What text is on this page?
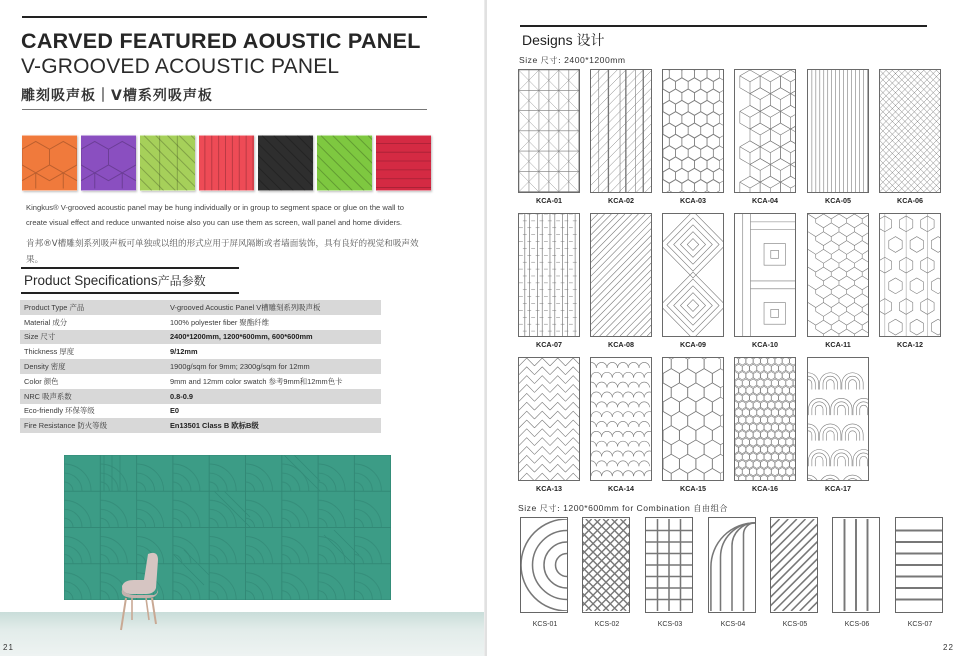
CARVED FEATURED AOUSTIC PANEL
V-GROOVED ACOUSTIC PANEL
雕刻吸声板｜V槽系列吸声板
Kingkus® V-grooved acoustic panel may be hung individually or in group to segment space or glue on the wall to
create visual effect and reduce unwanted noise also you can use them as screen, wall panel and home dividers.
肯邦®V槽雕刻系列吸声板可单独或以组的形式应用于屏风隔断或者墙面装饰，具有良好的视觉和吸声效
果。
Product Specifications产品参数
Product Type 产品	V-grooved Acoustic Panel V槽雕刻系列吸声板
Material 成分	100% polyester fiber 聚酯纤维
Size 尺寸	2400*1200mm, 1200*600mm, 600*600mm
Thickness 厚度	9/12mm
Density 密度	1900g/sqm for 9mm; 2300g/sqm for 12mm
Color 颜色	9mm and 12mm color swatch 参考9mm和12mm色卡
NRC 吸声系数	0.8-0.9
Eco-friendly 环保等级	E0
Fire Resistance 防火等级	En13501 Class B 欧标B级
21
Designs 设计
Size 尺寸: 2400*1200mm
KCA-01	KCA-02	KCA-03	KCA-04	KCA-05	KCA-06
KCA-07	KCA-08	KCA-09	KCA-10	KCA-11	KCA-12
KCA-13	KCA-14	KCA-15	KCA-16	KCA-17
Size 尺寸: 1200*600mm for Combination 自由组合
KCS-01	KCS-02	KCS-03	KCS-04	KCS-05	KCS-06	KCS-07
22
